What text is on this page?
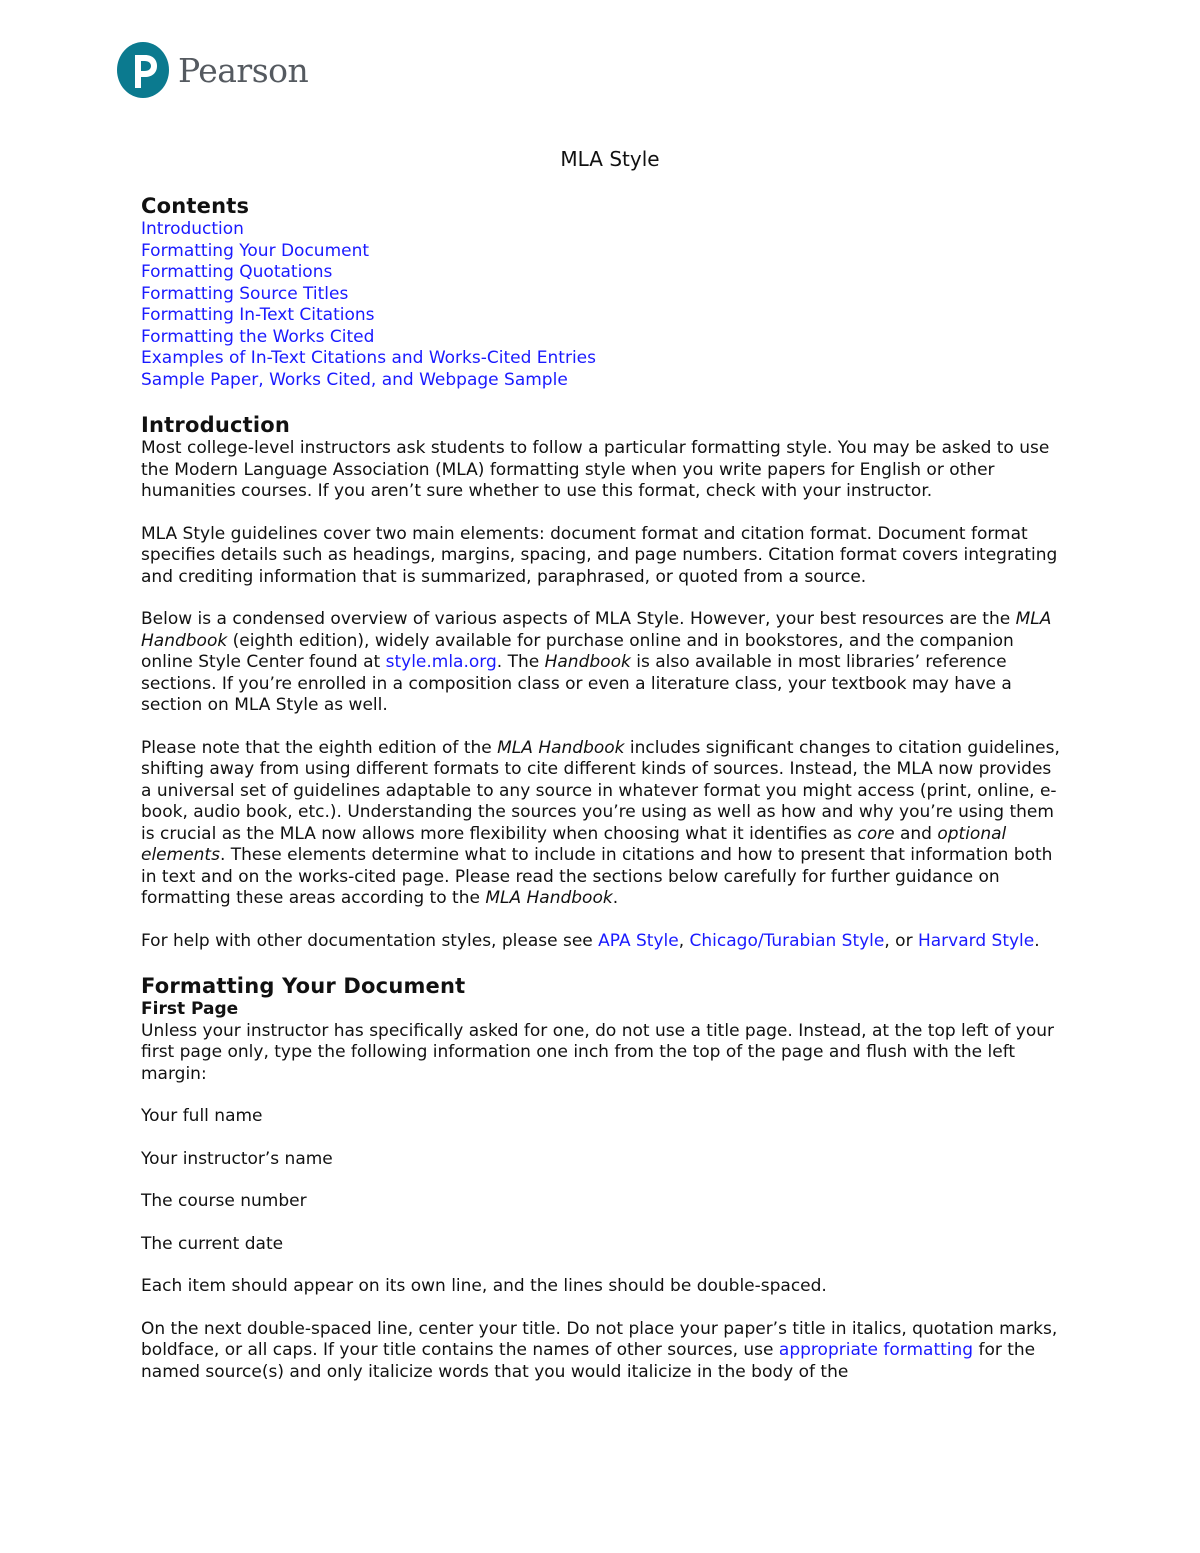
Pearson
MLA Style
Contents
Introduction
Formatting Your Document
Formatting Quotations
Formatting Source Titles
Formatting In-Text Citations
Formatting the Works Cited
Examples of In-Text Citations and Works-Cited Entries
Sample Paper, Works Cited, and Webpage Sample
Introduction

Most college-level instructors ask students to follow a particular formatting style. You may be asked to use the Modern Language Association (MLA) formatting style when you write papers for English or other humanities courses. If you aren’t sure whether to use this format, check with your instructor.

MLA Style guidelines cover two main elements: document format and citation format. Document format specifies details such as headings, margins, spacing, and page numbers. Citation format covers integrating and crediting information that is summarized, paraphrased, or quoted from a source.

Below is a condensed overview of various aspects of MLA Style. However, your best resources are the MLA Handbook (eighth edition), widely available for purchase online and in bookstores, and the companion online Style Center found at style.mla.org. The Handbook is also available in most libraries’ reference sections. If you’re enrolled in a composition class or even a literature class, your textbook may have a section on MLA Style as well.

Please note that the eighth edition of the MLA Handbook includes significant changes to citation guidelines, shifting away from using different formats to cite different kinds of sources. Instead, the MLA now provides a universal set of guidelines adaptable to any source in whatever format you might access (print, online, e-book, audio book, etc.). Understanding the sources you’re using as well as how and why you’re using them is crucial as the MLA now allows more flexibility when choosing what it identifies as core and optional elements. These elements determine what to include in citations and how to present that information both in text and on the works-cited page. Please read the sections below carefully for further guidance on formatting these areas according to the MLA Handbook.

For help with other documentation styles, please see APA Style, Chicago/Turabian Style, or Harvard Style.

Formatting Your Document
First Page

Unless your instructor has specifically asked for one, do not use a title page. Instead, at the top left of your first page only, type the following information one inch from the top of the page and flush with the left margin:

Your full name

Your instructor’s name

The course number

The current date

Each item should appear on its own line, and the lines should be double-spaced.

On the next double-spaced line, center your title. Do not place your paper’s title in italics, quotation marks, boldface, or all caps. If your title contains the names of other sources, use appropriate formatting for the named source(s) and only italicize words that you would italicize in the body of the
